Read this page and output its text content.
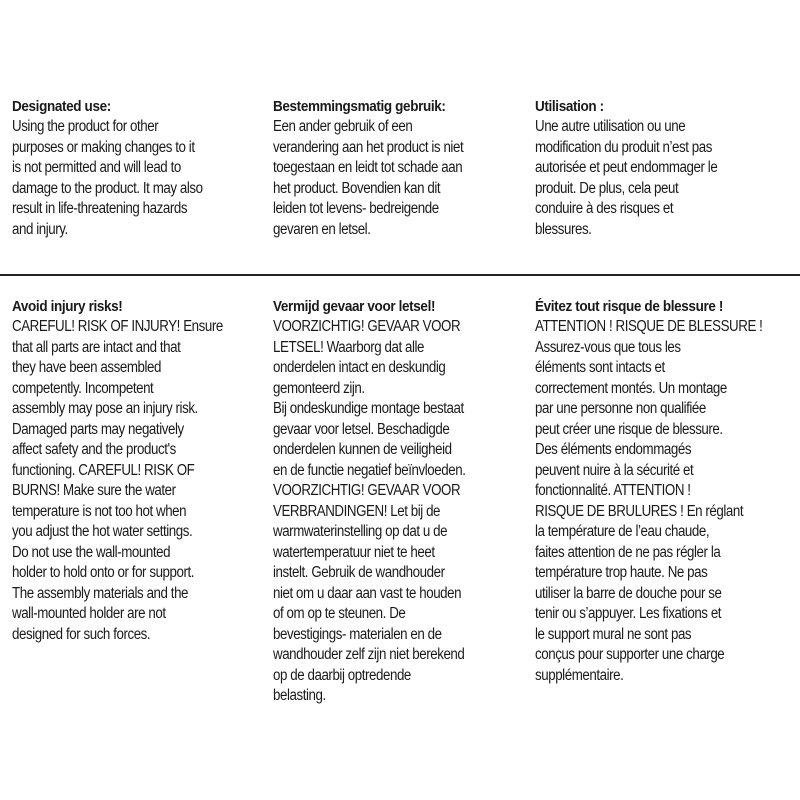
Designated use:

Using the product for other
purposes or making changes to it
is not permitted and will lead to
damage to the product. It may also
result in life-threatening hazards
and injury.

Bestemmingsmatig gebruik:

Een ander gebruik of een
verandering aan het product is niet
toegestaan en leidt tot schade aan
het product. Bovendien kan dit
leiden tot levens- bedreigende
gevaren en letsel.

Utilisation :

Une autre utilisation ou une
modification du produit n’est pas
autorisée et peut endommager le
produit. De plus, cela peut
conduire à des risques et
blessures.

Avoid injury risks!

CAREFUL! RISK OF INJURY! Ensure
that all parts are intact and that
they have been assembled
competently. Incompetent
assembly may pose an injury risk.
Damaged parts may negatively
affect safety and the product's
functioning. CAREFUL! RISK OF
BURNS! Make sure the water
temperature is not too hot when
you adjust the hot water settings.
Do not use the wall-mounted
holder to hold onto or for support.
The assembly materials and the
wall-mounted holder are not
designed for such forces.

Vermijd gevaar voor letsel!

VOORZICHTIG! GEVAAR VOOR
LETSEL! Waarborg dat alle
onderdelen intact en deskundig
gemonteerd zijn.
Bij ondeskundige montage bestaat
gevaar voor letsel. Beschadigde
onderdelen kunnen de veiligheid
en de functie negatief beïnvloeden.
VOORZICHTIG! GEVAAR VOOR
VERBRANDINGEN! Let bij de
warmwaterinstelling op dat u de
watertemperatuur niet te heet
instelt. Gebruik de wandhouder
niet om u daar aan vast te houden
of om op te steunen. De
bevestigings- materialen en de
wandhouder zelf zijn niet berekend
op de daarbij optredende
belasting.

Évitez tout risque de blessure !

ATTENTION ! RISQUE DE BLESSURE !
Assurez-vous que tous les
éléments sont intacts et
correctement montés. Un montage
par une personne non qualifiée
peut créer une risque de blessure.
Des éléments endommagés
peuvent nuire à la sécurité et
fonctionnalité. ATTENTION !
RISQUE DE BRULURES ! En réglant
la température de l’eau chaude,
faites attention de ne pas régler la
température trop haute. Ne pas
utiliser la barre de douche pour se
tenir ou s’appuyer. Les fixations et
le support mural ne sont pas
conçus pour supporter une charge
supplémentaire.
